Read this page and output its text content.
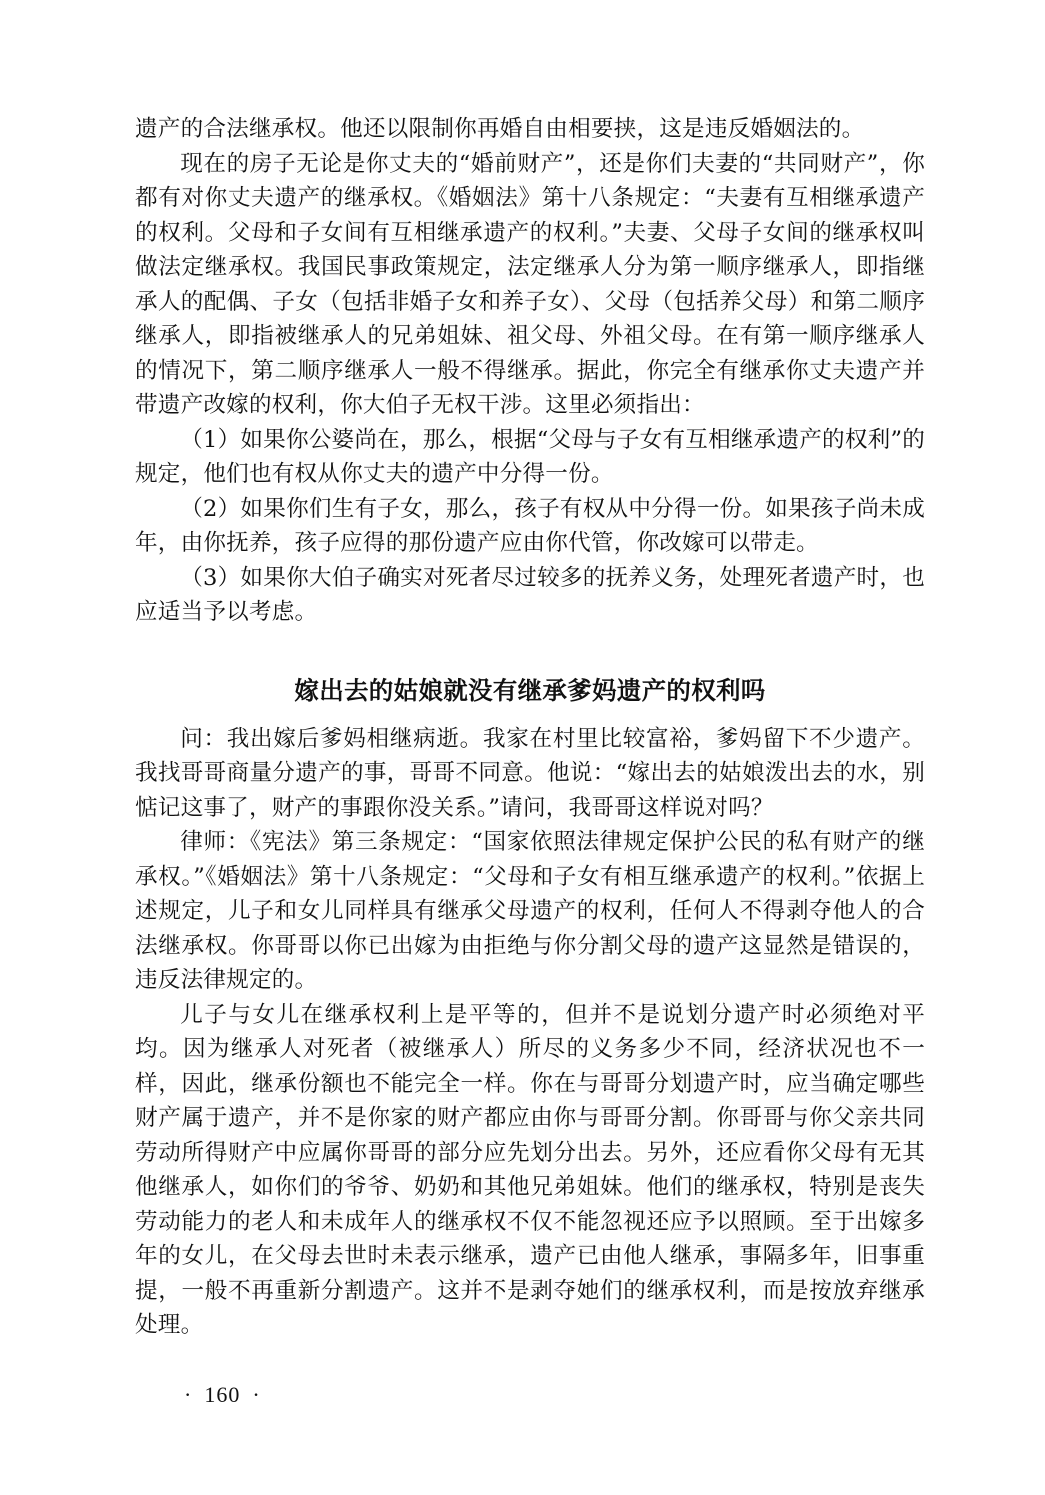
遗产的合法继承权。他还以限制你再婚自由相要挟，这是违反婚姻法的。

现在的房子无论是你丈夫的“婚前财产”，还是你们夫妻的“共同财产”，你都有对你丈夫遗产的继承权。《婚姻法》第十八条规定：“夫妻有互相继承遗产的权利。父母和子女间有互相继承遗产的权利。”夫妻、父母子女间的继承权叫做法定继承权。我国民事政策规定，法定继承人分为第一顺序继承人，即指继承人的配偶、子女（包括非婚子女和养子女）、父母（包括养父母）和第二顺序继承人，即指被继承人的兄弟姐妹、祖父母、外祖父母。在有第一顺序继承人的情况下，第二顺序继承人一般不得继承。据此，你完全有继承你丈夫遗产并带遗产改嫁的权利，你大伯子无权干涉。这里必须指出：

（1）如果你公婆尚在，那么，根据“父母与子女有互相继承遗产的权利”的规定，他们也有权从你丈夫的遗产中分得一份。

（2）如果你们生有子女，那么，孩子有权从中分得一份。如果孩子尚未成年，由你抚养，孩子应得的那份遗产应由你代管，你改嫁可以带走。

（3）如果你大伯子确实对死者尽过较多的抚养义务，处理死者遗产时，也应适当予以考虑。

嫁出去的姑娘就没有继承爹妈遗产的权利吗

问：我出嫁后爹妈相继病逝。我家在村里比较富裕，爹妈留下不少遗产。我找哥哥商量分遗产的事，哥哥不同意。他说：“嫁出去的姑娘泼出去的水，别惦记这事了，财产的事跟你没关系。”请问，我哥哥这样说对吗？

律师：《宪法》第三条规定：“国家依照法律规定保护公民的私有财产的继承权。”《婚姻法》第十八条规定：“父母和子女有相互继承遗产的权利。”依据上述规定，儿子和女儿同样具有继承父母遗产的权利，任何人不得剥夺他人的合法继承权。你哥哥以你已出嫁为由拒绝与你分割父母的遗产这显然是错误的，违反法律规定的。

儿子与女儿在继承权利上是平等的，但并不是说划分遗产时必须绝对平均。因为继承人对死者（被继承人）所尽的义务多少不同，经济状况也不一样，因此，继承份额也不能完全一样。你在与哥哥分划遗产时，应当确定哪些财产属于遗产，并不是你家的财产都应由你与哥哥分割。你哥哥与你父亲共同劳动所得财产中应属你哥哥的部分应先划分出去。另外，还应看你父母有无其他继承人，如你们的爷爷、奶奶和其他兄弟姐妹。他们的继承权，特别是丧失劳动能力的老人和未成年人的继承权不仅不能忽视还应予以照顾。至于出嫁多年的女儿，在父母去世时未表示继承，遗产已由他人继承，事隔多年，旧事重提，一般不再重新分割遗产。这并不是剥夺她们的继承权利，而是按放弃继承处理。

· 160 ·
